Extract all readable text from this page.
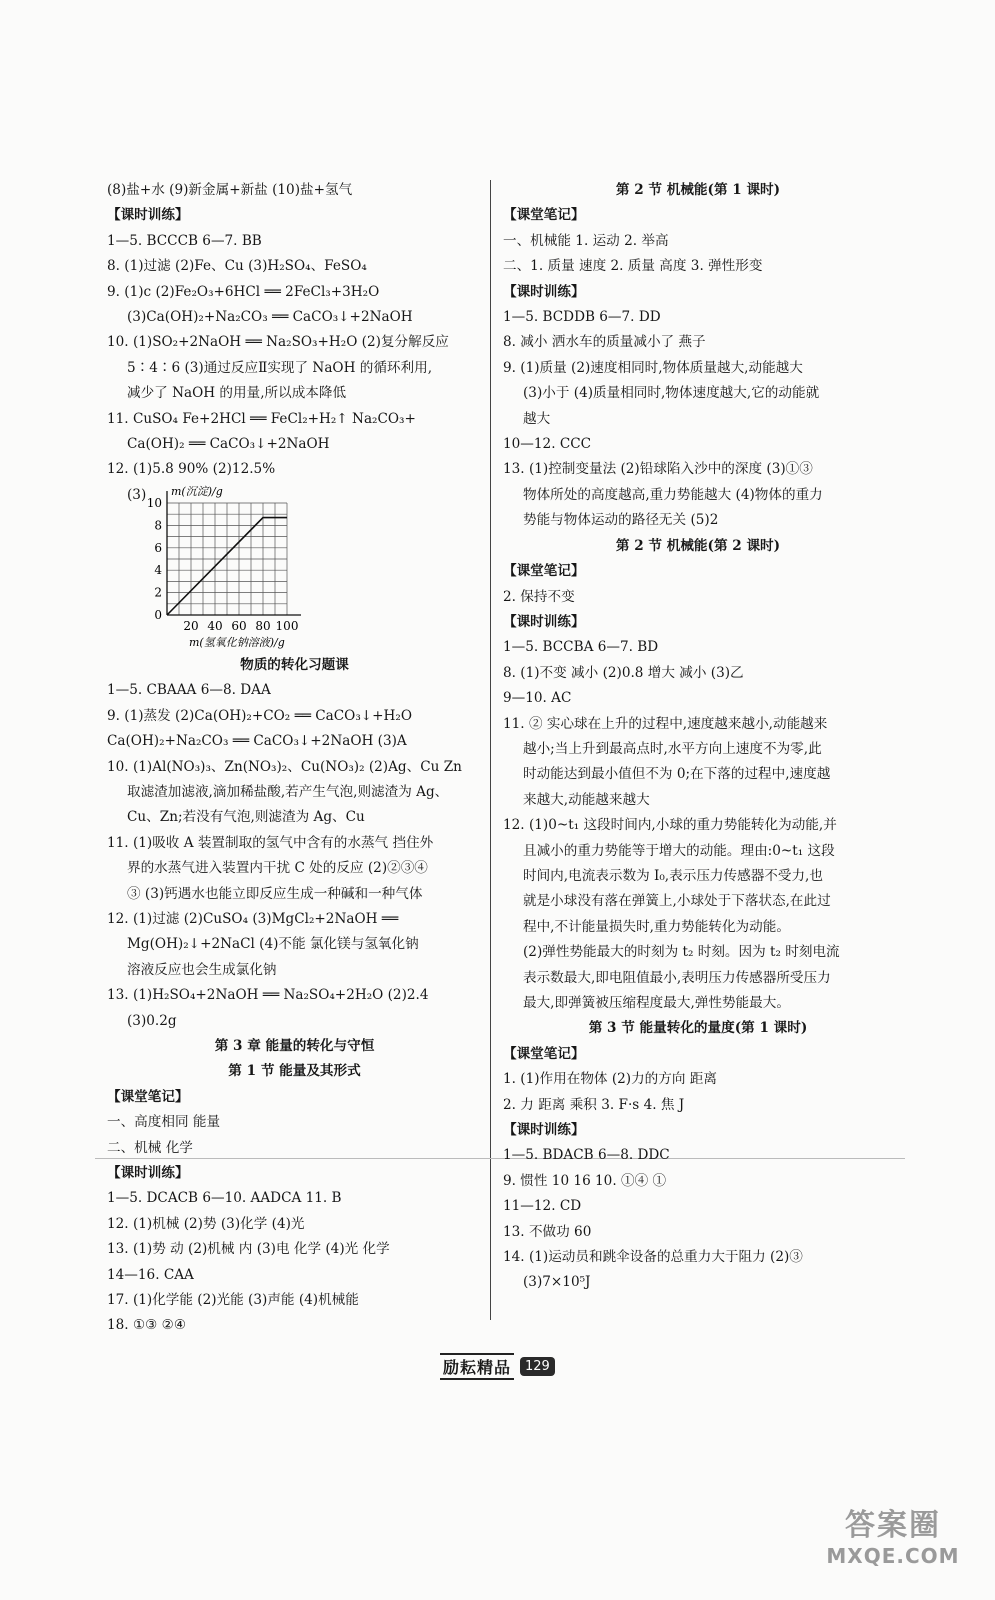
(8)盐+水 (9)新金属+新盐 (10)盐+氢气
【课时训练】
1—5. BCCCB 6—7. BB
8. (1)过滤 (2)Fe、Cu (3)H₂SO₄、FeSO₄
9. (1)c (2)Fe₂O₃+6HCl ══ 2FeCl₃+3H₂O
(3)Ca(OH)₂+Na₂CO₃ ══ CaCO₃↓+2NaOH
10. (1)SO₂+2NaOH ══ Na₂SO₃+H₂O (2)复分解反应
5∶4∶6 (3)通过反应Ⅱ实现了 NaOH 的循环利用,
减少了 NaOH 的用量,所以成本降低
11. CuSO₄ Fe+2HCl ══ FeCl₂+H₂↑ Na₂CO₃+
Ca(OH)₂ ══ CaCO₃↓+2NaOH
12. (1)5.8 90% (2)12.5%
(3)
0
2
4
6
8
10
20 40 60 80 100
m(沉淀)/g
m(氢氧化钠溶液)/g
物质的转化习题课
1—5. CBAAA 6—8. DAA
9. (1)蒸发 (2)Ca(OH)₂+CO₂ ══ CaCO₃↓+H₂O
Ca(OH)₂+Na₂CO₃ ══ CaCO₃↓+2NaOH (3)A
10. (1)Al(NO₃)₃、Zn(NO₃)₂、Cu(NO₃)₂ (2)Ag、Cu Zn
取滤渣加滤液,滴加稀盐酸,若产生气泡,则滤渣为 Ag、
Cu、Zn;若没有气泡,则滤渣为 Ag、Cu
11. (1)吸收 A 装置制取的氢气中含有的水蒸气 挡住外
界的水蒸气进入装置内干扰 C 处的反应 (2)②③④
③ (3)钙遇水也能立即反应生成一种碱和一种气体
12. (1)过滤 (2)CuSO₄ (3)MgCl₂+2NaOH ══
Mg(OH)₂↓+2NaCl (4)不能 氯化镁与氢氧化钠
溶液反应也会生成氯化钠
13. (1)H₂SO₄+2NaOH ══ Na₂SO₄+2H₂O (2)2.4
(3)0.2g
第 3 章 能量的转化与守恒
第 1 节 能量及其形式
【课堂笔记】
一、高度相同 能量
二、机械 化学
【课时训练】
1—5. DCACB 6—10. AADCA 11. B
12. (1)机械 (2)势 (3)化学 (4)光
13. (1)势 动 (2)机械 内 (3)电 化学 (4)光 化学
14—16. CAA
17. (1)化学能 (2)光能 (3)声能 (4)机械能
18. ①③ ②④
第 2 节 机械能(第 1 课时)
【课堂笔记】
一、机械能 1. 运动 2. 举高
二、1. 质量 速度 2. 质量 高度 3. 弹性形变
【课时训练】
1—5. BCDDB 6—7. DD
8. 减小 洒水车的质量减小了 燕子
9. (1)质量 (2)速度相同时,物体质量越大,动能越大
(3)小于 (4)质量相同时,物体速度越大,它的动能就
越大
10—12. CCC
13. (1)控制变量法 (2)铅球陷入沙中的深度 (3)①③
物体所处的高度越高,重力势能越大 (4)物体的重力
势能与物体运动的路径无关 (5)2
第 2 节 机械能(第 2 课时)
【课堂笔记】
2. 保持不变
【课时训练】
1—5. BCCBA 6—7. BD
8. (1)不变 减小 (2)0.8 增大 减小 (3)乙
9—10. AC
11. ② 实心球在上升的过程中,速度越来越小,动能越来
越小;当上升到最高点时,水平方向上速度不为零,此
时动能达到最小值但不为 0;在下落的过程中,速度越
来越大,动能越来越大
12. (1)0~t₁ 这段时间内,小球的重力势能转化为动能,并
且减小的重力势能等于增大的动能。理由:0~t₁ 这段
时间内,电流表示数为 I₀,表示压力传感器不受力,也
就是小球没有落在弹簧上,小球处于下落状态,在此过
程中,不计能量损失时,重力势能转化为动能。
(2)弹性势能最大的时刻为 t₂ 时刻。因为 t₂ 时刻电流
表示数最大,即电阻值最小,表明压力传感器所受压力
最大,即弹簧被压缩程度最大,弹性势能最大。
第 3 节 能量转化的量度(第 1 课时)
【课堂笔记】
1. (1)作用在物体 (2)力的方向 距离
2. 力 距离 乘积 3. F·s 4. 焦 J
【课时训练】
1—5. BDACB 6—8. DDC
9. 惯性 10 16 10. ①④ ①
11—12. CD
13. 不做功 60
14. (1)运动员和跳伞设备的总重力大于阻力 (2)③
(3)7×10⁵J
励耘精品	129
答案圈
MXQE.COM
